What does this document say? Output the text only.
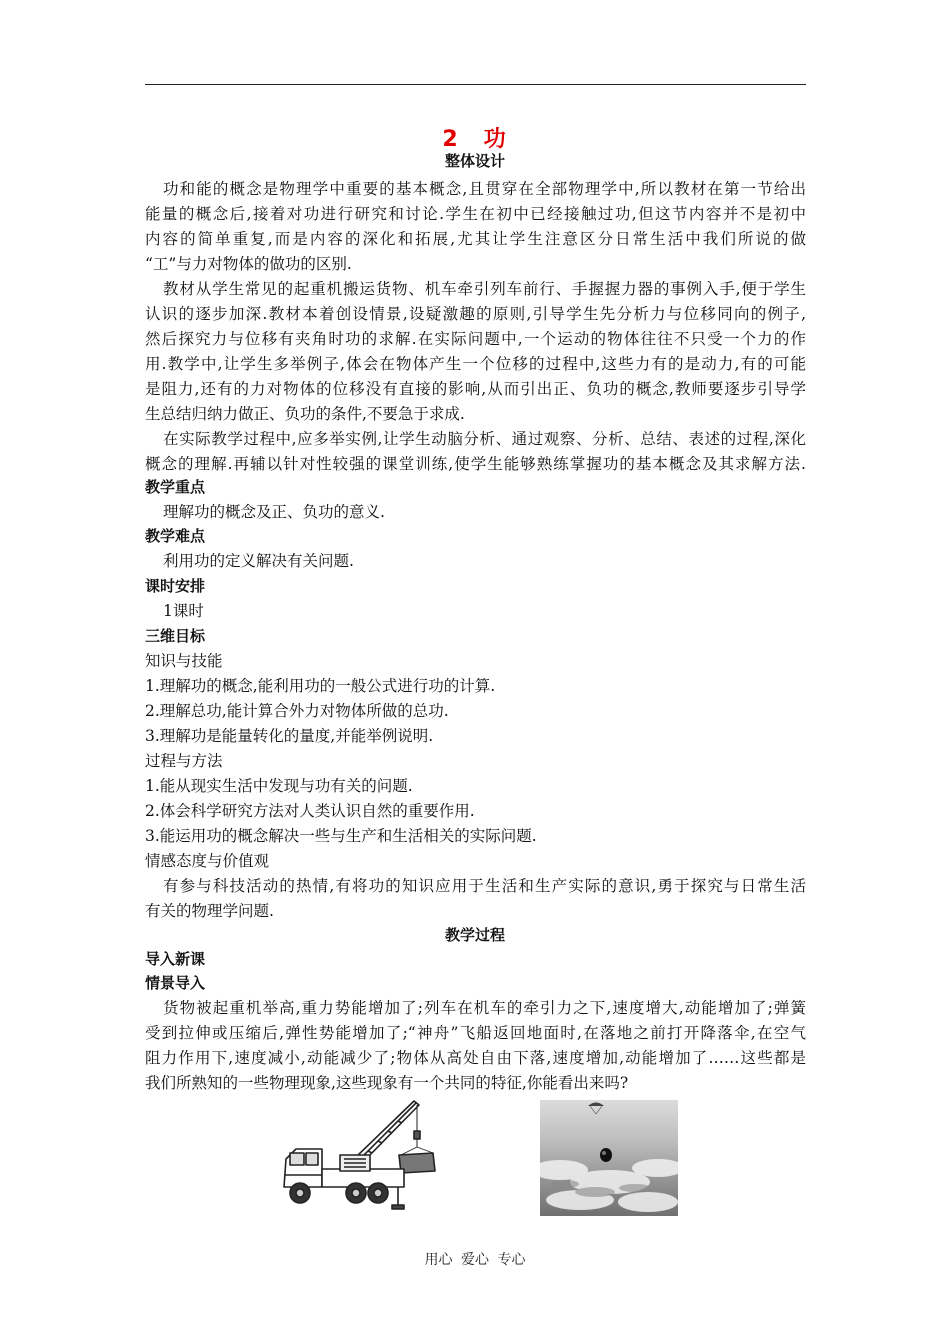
2　功
整体设计
功和能的概念是物理学中重要的基本概念,且贯穿在全部物理学中,所以教材在第一节给出
能量的概念后,接着对功进行研究和讨论.学生在初中已经接触过功,但这节内容并不是初中
内容的简单重复,而是内容的深化和拓展,尤其让学生注意区分日常生活中我们所说的做
“工”与力对物体的做功的区别.
教材从学生常见的起重机搬运货物、机车牵引列车前行、手握握力器的事例入手,便于学生
认识的逐步加深.教材本着创设情景,设疑激趣的原则,引导学生先分析力与位移同向的例子,
然后探究力与位移有夹角时功的求解.在实际问题中,一个运动的物体往往不只受一个力的作
用.教学中,让学生多举例子,体会在物体产生一个位移的过程中,这些力有的是动力,有的可能
是阻力,还有的力对物体的位移没有直接的影响,从而引出正、负功的概念,教师要逐步引导学
生总结归纳力做正、负功的条件,不要急于求成.
在实际教学过程中,应多举实例,让学生动脑分析、通过观察、分析、总结、表述的过程,深化
概念的理解.再辅以针对性较强的课堂训练,使学生能够熟练掌握功的基本概念及其求解方法.
教学重点
理解功的概念及正、负功的意义.
教学难点
利用功的定义解决有关问题.
课时安排
1课时
三维目标
知识与技能
1.理解功的概念,能利用功的一般公式进行功的计算.
2.理解总功,能计算合外力对物体所做的总功.
3.理解功是能量转化的量度,并能举例说明.
过程与方法
1.能从现实生活中发现与功有关的问题.
2.体会科学研究方法对人类认识自然的重要作用.
3.能运用功的概念解决一些与生产和生活相关的实际问题.
情感态度与价值观
有参与科技活动的热情,有将功的知识应用于生活和生产实际的意识,勇于探究与日常生活
有关的物理学问题.
教学过程
导入新课
情景导入
货物被起重机举高,重力势能增加了;列车在机车的牵引力之下,速度增大,动能增加了;弹簧
受到拉伸或压缩后,弹性势能增加了;“神舟”飞船返回地面时,在落地之前打开降落伞,在空气
阻力作用下,速度减小,动能减少了;物体从高处自由下落,速度增加,动能增加了……这些都是
我们所熟知的一些物理现象,这些现象有一个共同的特征,你能看出来吗?
用心 爱心 专心
